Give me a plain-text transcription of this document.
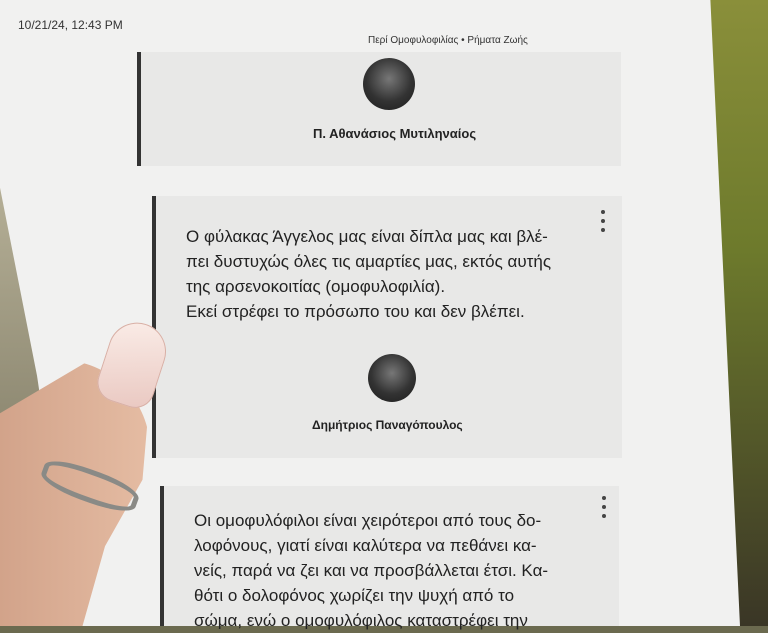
10/21/24, 12:43 PM
Περί Ομοφυλοφιλίας • Ρήματα Ζωής
Π. Αθανάσιος Μυτιληναίος

Ο φύλακας Άγγελος μας είναι δίπλα μας και βλέ-

πει δυστυχώς όλες τις αμαρτίες μας, εκτός αυτής

της αρσενοκοιτίας (ομοφυλοφιλία).

Εκεί στρέφει το πρόσωπο του και δεν βλέπει.

Δημήτριος Παναγόπουλος

Οι ομοφυλόφιλοι είναι χειρότεροι από τους δο-

λοφόνους, γιατί είναι καλύτερα να πεθάνει κα-

νείς, παρά να ζει και να προσβάλλεται έτσι. Κα-

θότι ο δολοφόνος χωρίζει την ψυχή από το

σώμα, ενώ ο ομοφυλόφιλος καταστρέφει την
